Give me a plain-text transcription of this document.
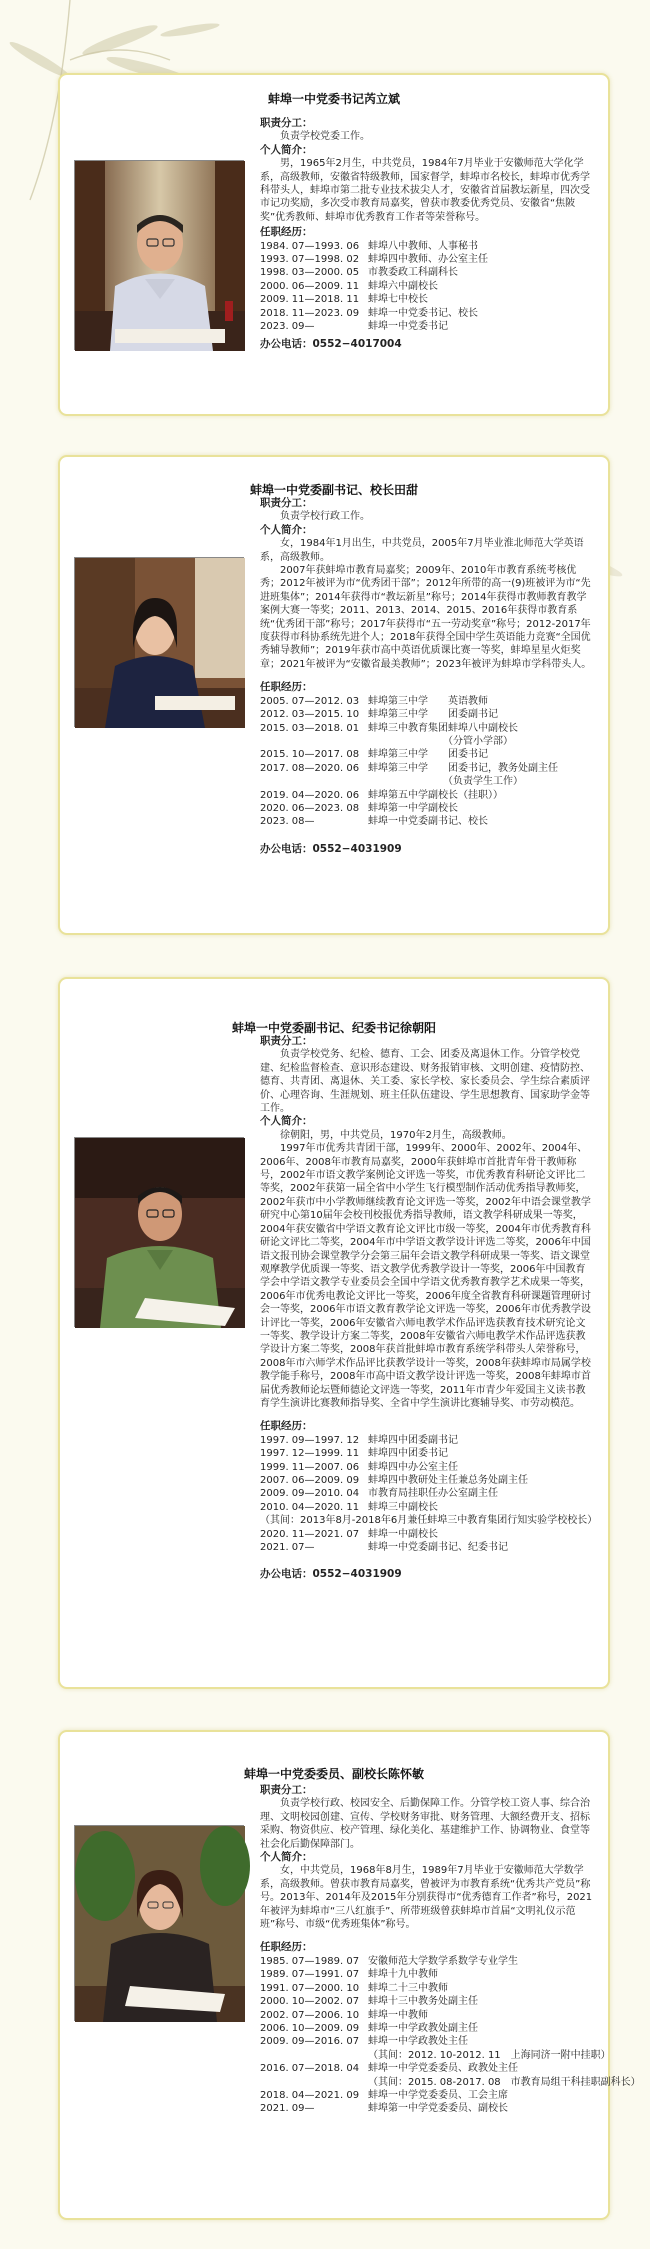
蚌埠一中党委书记芮立斌
职责分工：

负责学校党委工作。

个人简介：

男，1965年2月生，中共党员，1984年7月毕业于安徽师范大学化学系，高级教师，安徽省特级教师，国家督学，蚌埠市名校长，蚌埠市优秀学科带头人，蚌埠市第二批专业技术拔尖人才，安徽省首届教坛新星，四次受市记功奖励，多次受市教育局嘉奖，曾获市教委优秀党员、安徽省“焦陂奖”优秀教师、蚌埠市优秀教育工作者等荣誉称号。

任职经历：

1984. 07—1993. 06 蚌埠八中教师、人事秘书

1993. 07—1998. 02 蚌埠四中教师、办公室主任

1998. 03—2000. 05 市教委政工科副科长

2000. 06—2009. 11 蚌埠六中副校长

2009. 11—2018. 11 蚌埠七中校长

2018. 11—2023. 09 蚌埠一中党委书记、校长

2023. 09—	蚌埠一中党委书记

办公电话：0552−4017004
蚌埠一中党委副书记、校长田甜
职责分工：

负责学校行政工作。

个人简介：

女，1984年1月出生，中共党员，2005年7月毕业淮北师范大学英语系，高级教师。

2007年获蚌埠市教育局嘉奖；2009年、2010年市教育系统考核优秀；2012年被评为市“优秀团干部”；2012年所带的高一(9)班被评为市“先进班集体”；2014年获得市“教坛新星”称号；2014年获得市教师教育教学案例大赛一等奖；2011、2013、2014、2015、2016年获得市教育系统“优秀团干部”称号；2017年获得市“五一劳动奖章”称号；2012-2017年度获得市科协系统先进个人；2018年获得全国中学生英语能力竞赛“全国优秀辅导教师”；2019年获市高中英语优质课比赛一等奖，蚌埠星星火炬奖章；2021年被评为“安徽省最美教师”；2023年被评为蚌埠市学科带头人。

任职经历：

2005. 07—2012. 03 蚌埠第三中学　　英语教师

2012. 03—2015. 10 蚌埠第三中学　　团委副书记

2015. 03—2018. 01 蚌埠三中教育集团蚌埠八中副校长

　　　　　　　　（分管小学部）

2015. 10—2017. 08 蚌埠第三中学　　团委书记

2017. 08—2020. 06 蚌埠第三中学　　团委书记，教务处副主任

　　　　　　　　（负责学生工作）

2019. 04—2020. 06 蚌埠第五中学副校长（挂职））

2020. 06—2023. 08 蚌埠第一中学副校长

2023. 08—	蚌埠一中党委副书记、校长

办公电话：0552−4031909
蚌埠一中党委副书记、纪委书记徐朝阳
职责分工：

负责学校党务、纪检、德育、工会、团委及离退休工作。分管学校党建、纪检监督检查、意识形态建设、财务报销审核、文明创建、疫情防控、德育、共青团、离退休、关工委、家长学校、家长委员会、学生综合素质评价、心理咨询、生涯规划、班主任队伍建设、学生思想教育、国家助学金等工作。

个人简介：

徐朝阳，男，中共党员，1970年2月生，高级教师。

1997年市优秀共青团干部，1999年、2000年、2002年、2004年、2006年、2008年市教育局嘉奖，2000年获蚌埠市首批青年骨干教师称号，2002年市语文教学案例论文评选一等奖，市优秀教育科研论文评比二等奖，2002年获第一届全省中小学生飞行模型制作活动优秀指导教师奖，2002年获市中小学教师继续教育论文评选一等奖，2002年中语会课堂教学研究中心第10届年会校刊校报优秀指导教师，语文教学科研成果一等奖，2004年获安徽省中学语文教育论文评比市级一等奖，2004年市优秀教育科研论文评比二等奖，2004年市中学语文教学设计评选二等奖，2006年中国语文报刊协会课堂教学分会第三届年会语文教学科研成果一等奖、语文课堂观摩教学优质课一等奖、语文教学优秀教学设计一等奖，2006年中国教育学会中学语文教学专业委员会全国中学语文优秀教育教学艺术成果一等奖，2006年市优秀电教论文评比一等奖，2006年度全省教育科研课题管理研讨会一等奖，2006年市语文教育教学论文评选一等奖，2006年市优秀教学设计评比一等奖，2006年安徽省六师电教学术作品评选获教育技术研究论文一等奖、教学设计方案二等奖，2008年安徽省六师电教学术作品评选获教学设计方案二等奖，2008年获首批蚌埠市教育系统学科带头人荣誉称号，2008年市六师学术作品评比获教学设计一等奖，2008年获蚌埠市局属学校教学能手称号，2008年市高中语文教学设计评选一等奖，2008年蚌埠市首届优秀教师论坛暨师德论文评选一等奖，2011年市青少年爱国主义读书教育学生演讲比赛教师指导奖、全省中学生演讲比赛辅导奖、市劳动模范。

任职经历：

1997. 09—1997. 12 蚌埠四中团委副书记

1997. 12—1999. 11 蚌埠四中团委书记

1999. 11—2007. 06 蚌埠四中办公室主任

2007. 06—2009. 09 蚌埠四中教研处主任兼总务处副主任

2009. 09—2010. 04 市教育局挂职任办公室副主任

2010. 04—2020. 11 蚌埠三中副校长

（其间：2013年8月-2018年6月兼任蚌埠三中教育集团行知实验学校校长）

2020. 11—2021. 07 蚌埠一中副校长

2021. 07—	蚌埠一中党委副书记、纪委书记

办公电话：0552−4031909
蚌埠一中党委委员、副校长陈怀敏
职责分工：

负责学校行政、校园安全、后勤保障工作。分管学校工资人事、综合治理、文明校园创建、宣传、学校财务审批、财务管理、大额经费开支、招标采购、物资供应、校产管理、绿化美化、基建维护工作、协调物业、食堂等社会化后勤保障部门。

个人简介：

女，中共党员，1968年8月生，1989年7月毕业于安徽师范大学数学系，高级教师。曾获市教育局嘉奖，曾被评为市教育系统“优秀共产党员”称号。2013年、2014年及2015年分别获得市“优秀德育工作者”称号，2021年被评为蚌埠市“三八红旗手”、所带班级曾获蚌埠市首届“文明礼仪示范班”称号、市级“优秀班集体”称号。

任职经历：

1985. 07—1989. 07 安徽师范大学数学系数学专业学生

1989. 07—1991. 07 蚌埠十九中教师

1991. 07—2000. 10 蚌埠二十三中教师

2000. 10—2002. 07 蚌埠十三中教务处副主任

2002. 07—2006. 10 蚌埠一中教师

2006. 10—2009. 09 蚌埠一中学政教处副主任

2009. 09—2016. 07 蚌埠一中学政教处主任

（其间：2012. 10-2012. 11　上海同济一附中挂职）

2016. 07—2018. 04 蚌埠一中学党委委员、政教处主任

（其间：2015. 08-2017. 08　市教育局组干科挂职副科长）

2018. 04—2021. 09 蚌埠一中学党委委员、工会主席

2021. 09—	蚌埠第一中学党委委员、副校长
